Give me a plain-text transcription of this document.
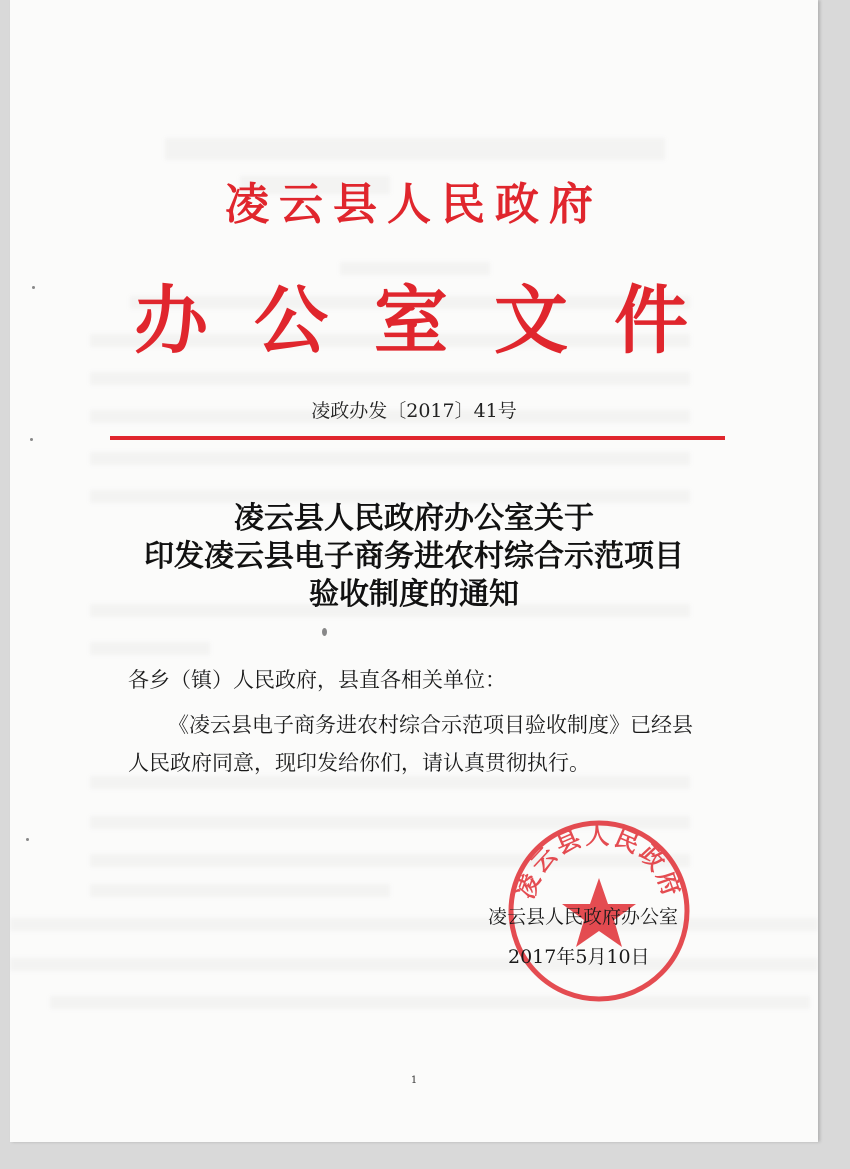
凌云县人民政府
办公室文件
凌政办发〔2017〕41号
凌云县人民政府办公室关于
印发凌云县电子商务进农村综合示范项目
验收制度的通知
各乡（镇）人民政府，县直各相关单位：
《凌云县电子商务进农村综合示范项目验收制度》已经县人民政府同意，现印发给你们，请认真贯彻执行。
凌云县人民政府
凌云县人民政府办公室
2017年5月10日
1
